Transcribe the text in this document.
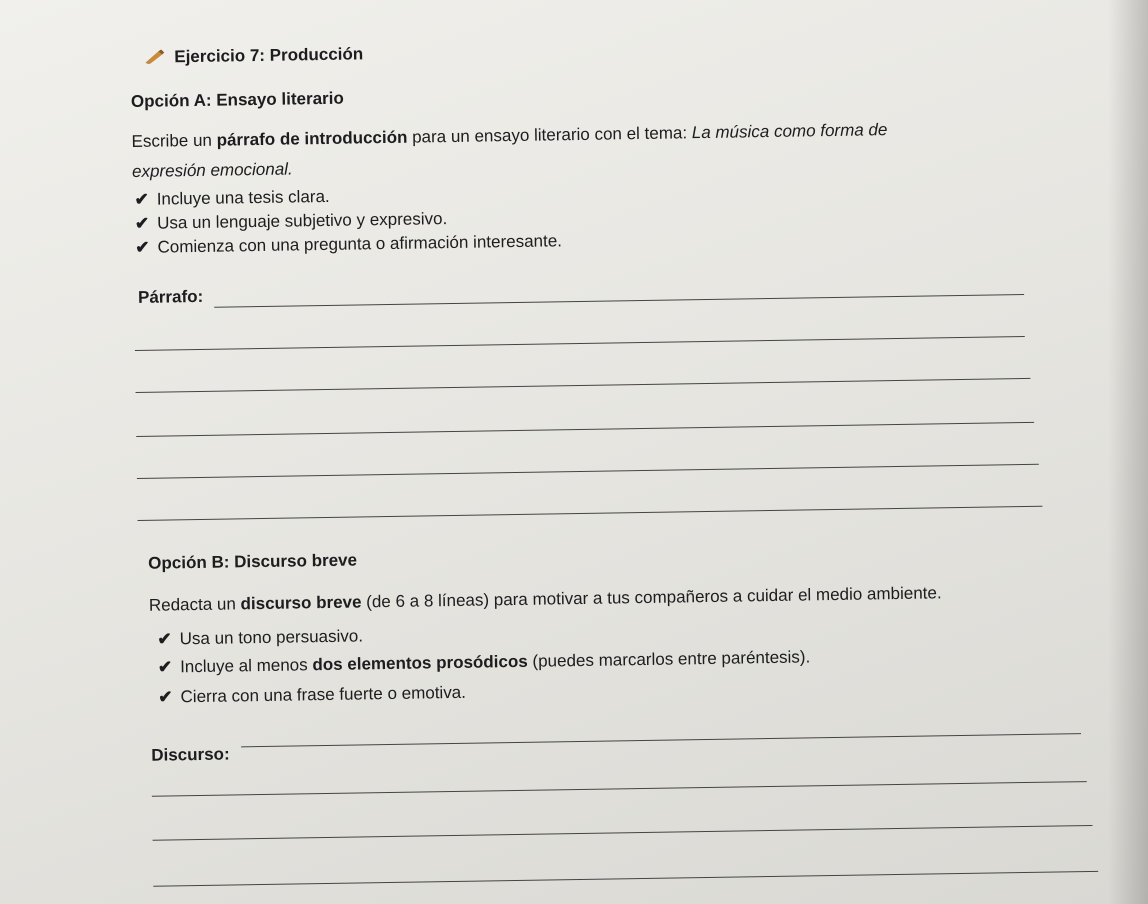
Ejercicio 7: Producción
Opción A: Ensayo literario
Escribe un párrafo de introducción para un ensayo literario con el tema: La música como forma de
expresión emocional.
✔ Incluye una tesis clara.
✔ Usa un lenguaje subjetivo y expresivo.
✔ Comienza con una pregunta o afirmación interesante.
Párrafo:
Opción B: Discurso breve
Redacta un discurso breve (de 6 a 8 líneas) para motivar a tus compañeros a cuidar el medio ambiente.
✔ Usa un tono persuasivo.
✔ Incluye al menos dos elementos prosódicos (puedes marcarlos entre paréntesis).
✔ Cierra con una frase fuerte o emotiva.
Discurso:
